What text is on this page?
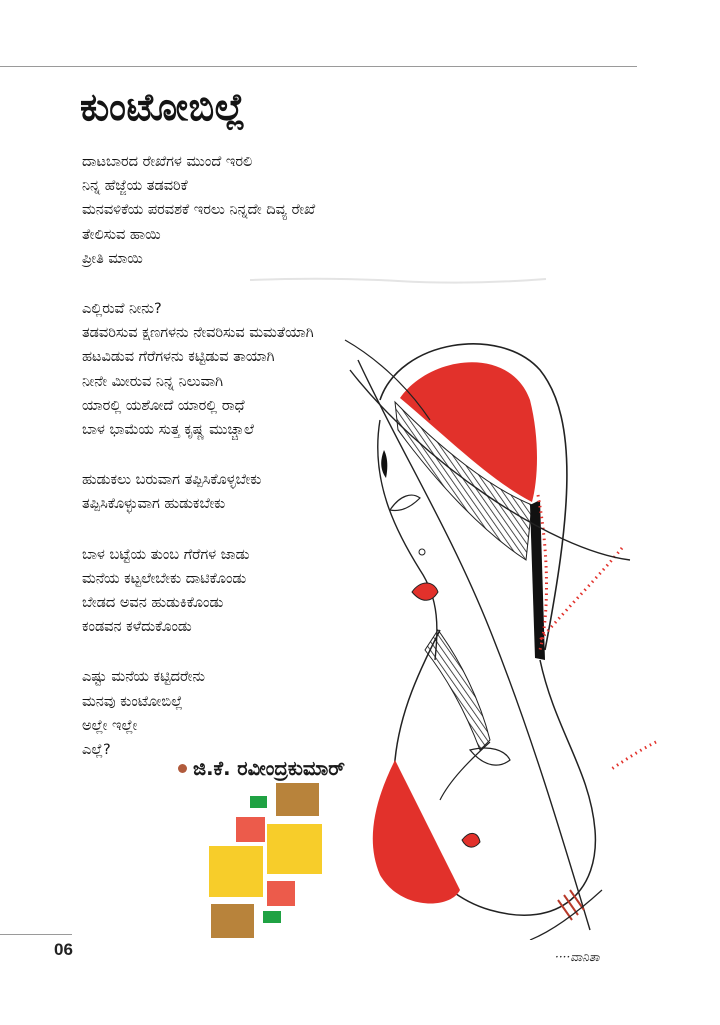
ಕುಂಟೋಬಿಲ್ಲೆ
ದಾಟಬಾರದ ರೇಖೆಗಳ ಮುಂದೆ ಇರಲಿ
ನಿನ್ನ ಹೆಜ್ಜೆಯ ತಡವರಿಕೆ
ಮನವಳಿಕೆಯ ಪರವಶಕೆ ಇರಲು ನಿನ್ನದೇ ದಿವ್ಯ ರೇಖೆ
ತೇಲಿಸುವ ಹಾಯಿ
ಪ್ರೀತಿ ಮಾಯಿ
ಎಲ್ಲಿರುವೆ ನೀನು?
ತಡವರಿಸುವ ಕ್ಷಣಗಳನು ನೇವರಿಸುವ ಮಮತೆಯಾಗಿ
ಹಟವಿಡುವ ಗೆರೆಗಳನು ಕಟ್ಟಿಡುವ ತಾಯಾಗಿ
ನೀನೇ ಮೀರುವ ನಿನ್ನ ನಿಲುವಾಗಿ
ಯಾರಲ್ಲಿ ಯಶೋದೆ ಯಾರಲ್ಲಿ ರಾಧೆ
ಬಾಳ ಭಾಮೆಯ ಸುತ್ತ ಕೃಷ್ಣ ಮುಚ್ಚಾಲೆ
ಹುಡುಕಲು ಬರುವಾಗ ತಪ್ಪಿಸಿಕೊಳ್ಳಬೇಕು
ತಪ್ಪಿಸಿಕೊಳ್ಳುವಾಗ ಹುಡುಕಬೇಕು
ಬಾಳ ಬಟ್ಟೆಯ ತುಂಬ ಗೆರೆಗಳ ಜಾಡು
ಮನೆಯ ಕಟ್ಟಲೇಬೇಕು ದಾಟಿಕೊಂಡು
ಬೇಡದ ಅವನ ಹುಡುಕಿಕೊಂಡು
ಕಂಡವನ ಕಳೆದುಕೊಂಡು
ಎಷ್ಟು ಮನೆಯ ಕಟ್ಟಿದರೇನು
ಮನವು ಕುಂಟೋಬಿಲ್ಲೆ
ಅಲ್ಲೇ ಇಲ್ಲೇ
ಎಲ್ಲೆ?
ಜಿ.ಕೆ. ರವೀಂದ್ರಕುಮಾರ್
····ವಾನಿತಾ
06
